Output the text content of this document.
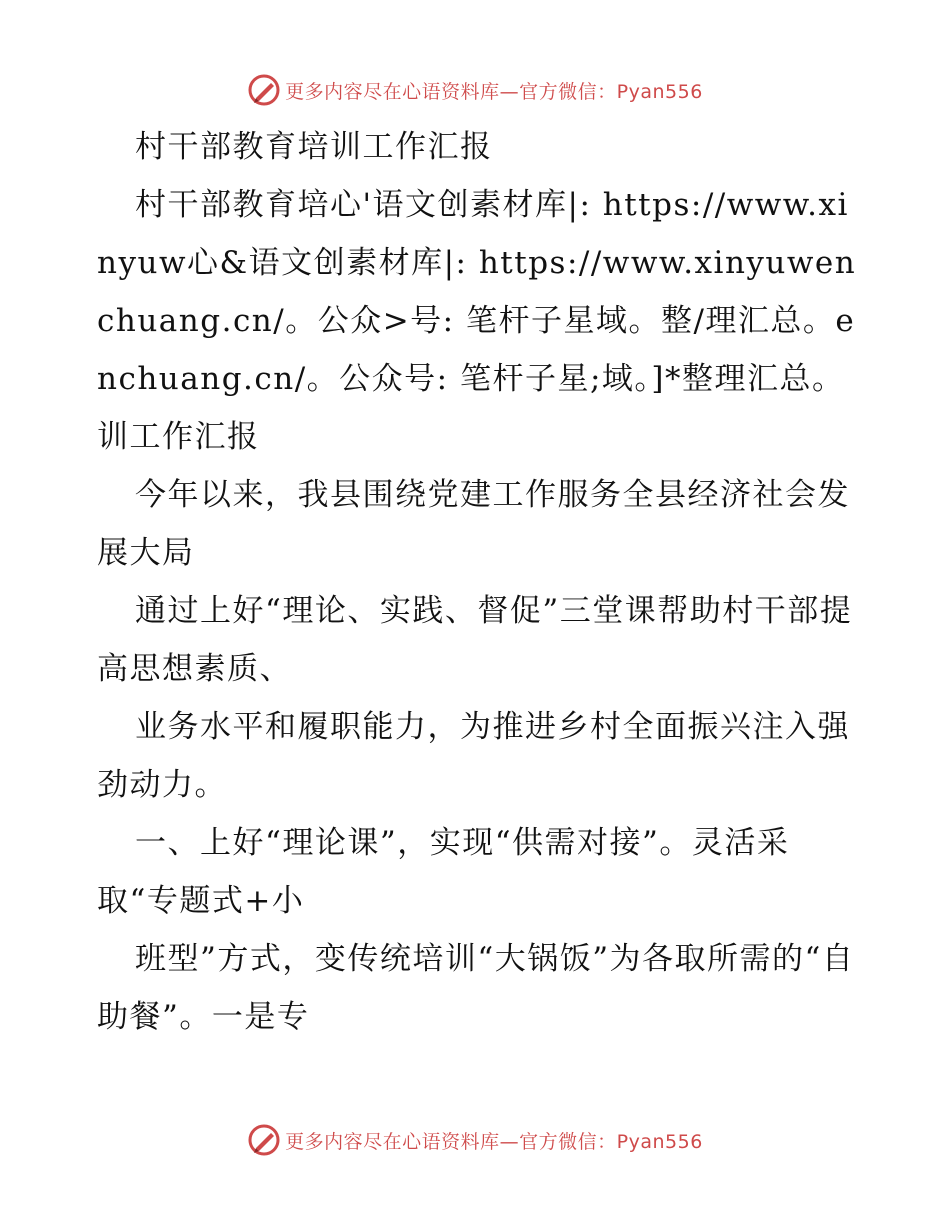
更多内容尽在心语资料库—官方微信：Pyan556

村干部教育培训工作汇报

村干部教育培心'语文创素材库|: https://www.xinyuw心&语文创素材库|: https://www.xinyuwenchuang.cn/。公众>号: 笔杆子星域。整/理汇总。enchuang.cn/。公众号: 笔杆子星;域。]*整理汇总。训工作汇报

今年以来，我县围绕党建工作服务全县经济社会发展大局

通过上好“理论、实践、督促”三堂课帮助村干部提高思想素质、

业务水平和履职能力，为推进乡村全面振兴注入强劲动力。

一、上好“理论课”，实现“供需对接”。灵活采取“专题式+小

班型”方式，变传统培训“大锅饭”为各取所需的“自助餐”。一是专

更多内容尽在心语资料库—官方微信：Pyan556
